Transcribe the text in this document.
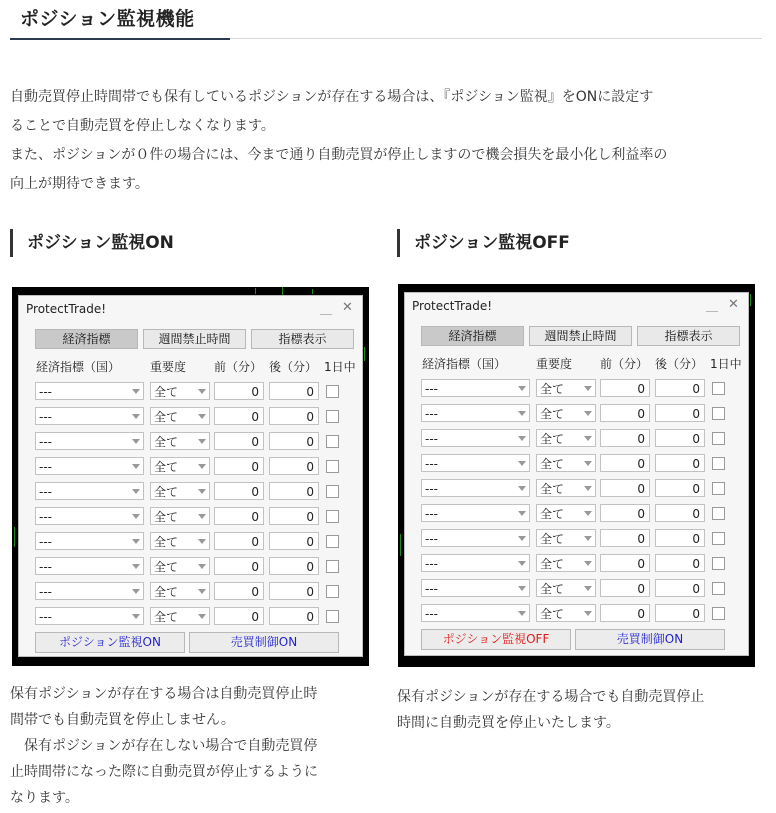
ポジション監視機能

自動売買停止時間帯でも保有しているポジションが存在する場合は、『ポジション監視』をONに設定す
ることで自動売買を停止しなくなります。
また、ポジションが０件の場合には、今まで通り自動売買が停止しますので機会損失を最小化し利益率の
向上が期待できます。

ポジション監視ON	ポジション監視OFF
ProtectTrade!	＿ ✕
経済指標	週間禁止時間	指標表示
経済指標（国） 重要度 前（分） 後（分） 1日中
---	全て	0	0
---	全て	0	0
---	全て	0	0
---	全て	0	0
---	全て	0	0
---	全て	0	0
---	全て	0	0
---	全て	0	0
---	全て	0	0
---	全て	0	0
ポジション監視ON	売買制御ON
ProtectTrade!	＿ ✕
経済指標	週間禁止時間	指標表示
経済指標（国） 重要度 前（分） 後（分） 1日中
---	全て	0	0
---	全て	0	0
---	全て	0	0
---	全て	0	0
---	全て	0	0
---	全て	0	0
---	全て	0	0
---	全て	0	0
---	全て	0	0
---	全て	0	0
ポジション監視OFF	売買制御ON

保有ポジションが存在する場合は自動売買停止時
間帯でも自動売買を停止しません。
　保有ポジションが存在しない場合で自動売買停
止時間帯になった際に自動売買が停止するように
なります。

保有ポジションが存在する場合でも自動売買停止
時間に自動売買を停止いたします。
